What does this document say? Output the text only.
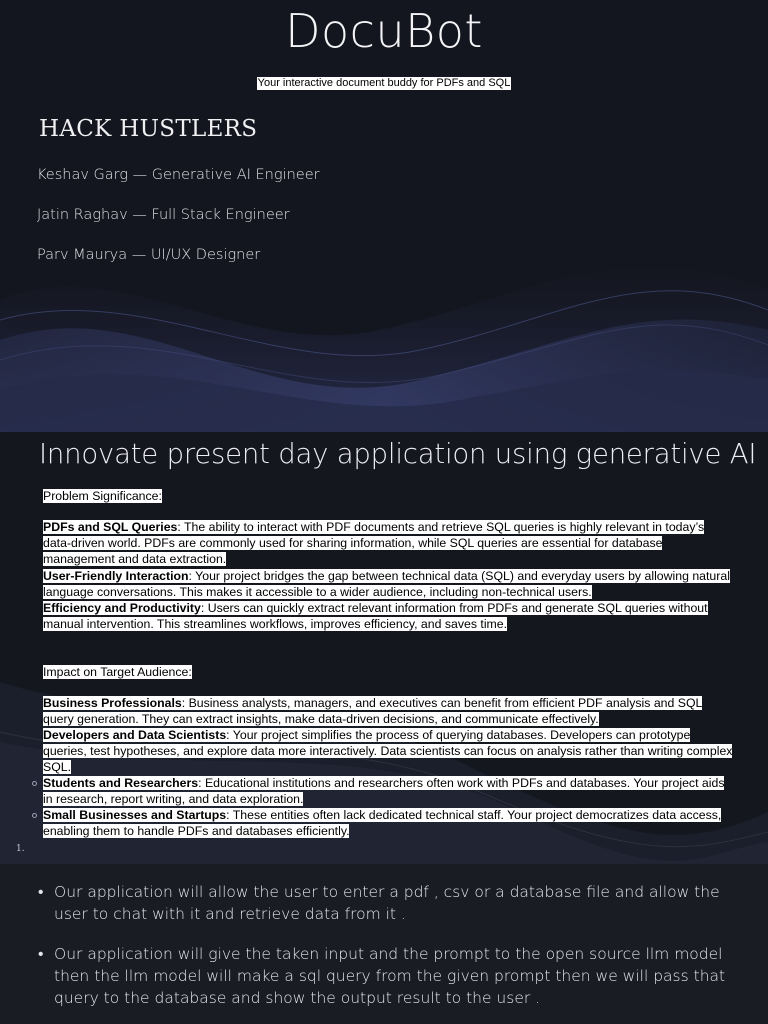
DocuBot
Your interactive document buddy for PDFs and SQL
HACK HUSTLERS
Keshav Garg — Generative AI Engineer
Jatin Raghav — Full Stack Engineer
Parv Maurya — UI/UX Designer
Innovate present day application using generative AI
Problem Significance:
PDFs and SQL Queries: The ability to interact with PDF documents and retrieve SQL queries is highly relevant in today’s data-driven world. PDFs are commonly used for sharing information, while SQL queries are essential for database management and data extraction.
User-Friendly Interaction: Your project bridges the gap between technical data (SQL) and everyday users by allowing natural language conversations. This makes it accessible to a wider audience, including non-technical users.
Efficiency and Productivity: Users can quickly extract relevant information from PDFs and generate SQL queries without manual intervention. This streamlines workflows, improves efficiency, and saves time.
Impact on Target Audience:
Business Professionals: Business analysts, managers, and executives can benefit from efficient PDF analysis and SQL query generation. They can extract insights, make data-driven decisions, and communicate effectively.
Developers and Data Scientists: Your project simplifies the process of querying databases. Developers can prototype queries, test hypotheses, and explore data more interactively. Data scientists can focus on analysis rather than writing complex SQL.
Students and Researchers: Educational institutions and researchers often work with PDFs and databases. Your project aids in research, report writing, and data exploration.
Small Businesses and Startups: These entities often lack dedicated technical staff. Your project democratizes data access, enabling them to handle PDFs and databases efficiently.
1.
• Our application will allow the user to enter a pdf , csv or a database file and allow the user to chat with it and retrieve data from it .
• Our application will give the taken input and the prompt to the open source llm model then the llm model will make a sql query from the given prompt then we will pass that query to the database and show the output result to the user .
